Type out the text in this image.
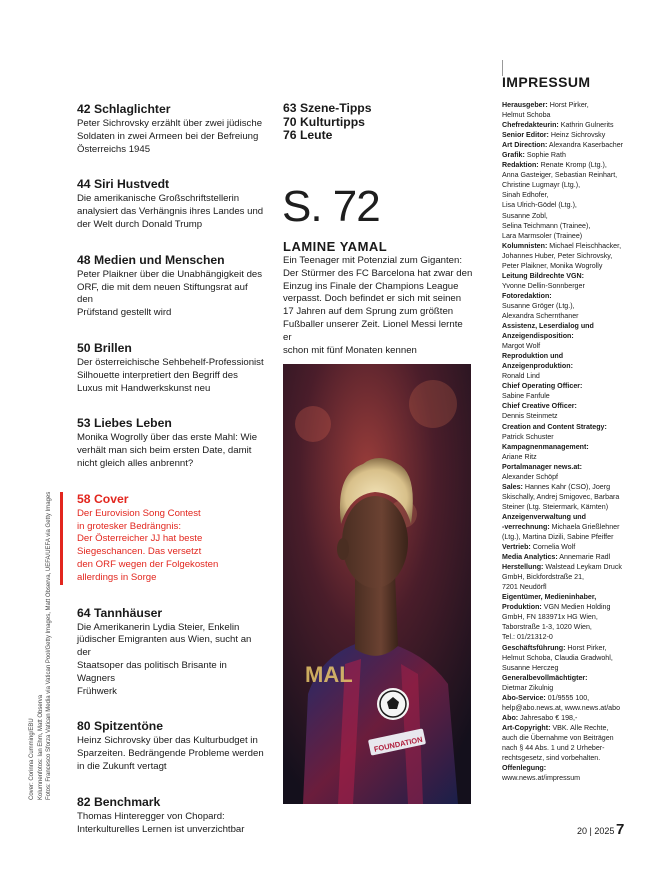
42 Schlaglichter
Peter Sichrovsky erzählt über zwei jüdische
Soldaten in zwei Armeen bei der Befreiung
Österreichs 1945
44 Siri Hustvedt
Die amerikanische Großschriftstellerin
analysiert das Verhängnis ihres Landes und
der Welt durch Donald Trump
48 Medien und Menschen
Peter Plaikner über die Unabhängigkeit des
ORF, die mit dem neuen Stiftungsrat auf den
Prüfstand gestellt wird
50 Brillen
Der österreichische Sehbehelf-Professionist
Silhouette interpretiert den Begriff des
Luxus mit Handwerkskunst neu
53 Liebes Leben
Monika Wogrolly über das erste Mahl: Wie
verhält man sich beim ersten Date, damit
nicht gleich alles anbrennt?
58 Cover
Der Eurovision Song Contest
in grotesker Bedrängnis:
Der Österreicher JJ hat beste
Siegeschancen. Das versetzt
den ORF wegen der Folgekosten
allerdings in Sorge
64 Tannhäuser
Die Amerikanerin Lydia Steier, Enkelin
jüdischer Emigranten aus Wien, sucht an der
Staatsoper das politisch Brisante in Wagners
Frühwerk
80 Spitzentöne
Heinz Sichrovsky über das Kulturbudget in
Sparzeiten. Bedrängende Probleme werden
in die Zukunft vertagt
82 Benchmark
Thomas Hinteregger von Chopard:
Interkulturelles Lernen ist unverzichtbar
63 Szene-Tipps
70 Kulturtipps
76 Leute
S. 72
LAMINE YAMAL
Ein Teenager mit Potenzial zum Giganten:
Der Stürmer des FC Barcelona hat zwar den
Einzug ins Finale der Champions League
verpasst. Doch befindet er sich mit seinen
17 Jahren auf dem Sprung zum größten
Fußballer unserer Zeit. Lionel Messi lernte er
schon mit fünf Monaten kennen
FOUNDATION
MAL
Cover: Corinna Cumming/EBU Kolumnenfotos: Ian Ehm, Matt Observa Fotos: Francesco Sforza Vatican Media via Vatican Pool/Getty Images, Matt Observa, UEFA/UEFA via Getty Images
IMPRESSUM
Herausgeber: Horst Pirker,
Helmut Schoba
Chefredakteurin: Kathrin Gulnerits
Senior Editor: Heinz Sichrovsky
Art Direction: Alexandra Kaserbacher
Grafik: Sophie Rath
Redaktion: Renate Kromp (Ltg.),
Anna Gasteiger, Sebastian Reinhart,
Christine Lugmayr (Ltg.),
Sinah Edhofer,
Lisa Ulrich-Gödel (Ltg.),
Susanne Zobl,
Selina Teichmann (Trainee),
Lara Marmsoler (Trainee)
Kolumnisten: Michael Fleischhacker,
Johannes Huber, Peter Sichrovsky,
Peter Plaikner, Monika Wogrolly
Leitung Bildrechte VGN:
Yvonne Dellin-Sonnberger
Fotoredaktion:
Susanne Gröger (Ltg.),
Alexandra Schernthaner
Assistenz, Leserdialog und
Anzeigendisposition:
Margot Wolf
Reproduktion und
Anzeigenproduktion:
Ronald Lind
Chief Operating Officer:
Sabine Fanfule
Chief Creative Officer:
Dennis Steinmetz
Creation and Content Strategy:
Patrick Schuster
Kampagnenmanagement:
Ariane Ritz
Portalmanager news.at:
Alexander Schöpf
Sales: Hannes Kahr (CSO), Joerg
Skischally, Andrej Smigovec, Barbara
Steiner (Ltg. Steiermark, Kärnten)
Anzeigenverwaltung und
-verrechnung: Michaela Grießlehner
(Ltg.), Martina Dizili, Sabine Pfeiffer
Vertrieb: Cornelia Wolf
Media Analytics: Annemarie Radl
Herstellung: Walstead Leykam Druck
GmbH, Bickfordstraße 21,
7201 Neudörfl
Eigentümer, Medieninhaber,
Produktion: VGN Medien Holding
GmbH, FN 183971x HG Wien,
Taborstraße 1-3, 1020 Wien,
Tel.: 01/21312-0
Geschäftsführung: Horst Pirker,
Helmut Schoba, Claudia Gradwohl,
Susanne Herczeg
Generalbevollmächtigter:
Dietmar Zikulnig
Abo-Service: 01/9555 100,
help@abo.news.at, www.news.at/abo
Abo: Jahresabo € 198,-
Art-Copyright: VBK. Alle Rechte,
auch die Übernahme von Beiträgen
nach § 44 Abs. 1 und 2 Urheber-
rechtsgesetz, sind vorbehalten.
Offenlegung:
www.news.at/impressum
20 | 2025 7
